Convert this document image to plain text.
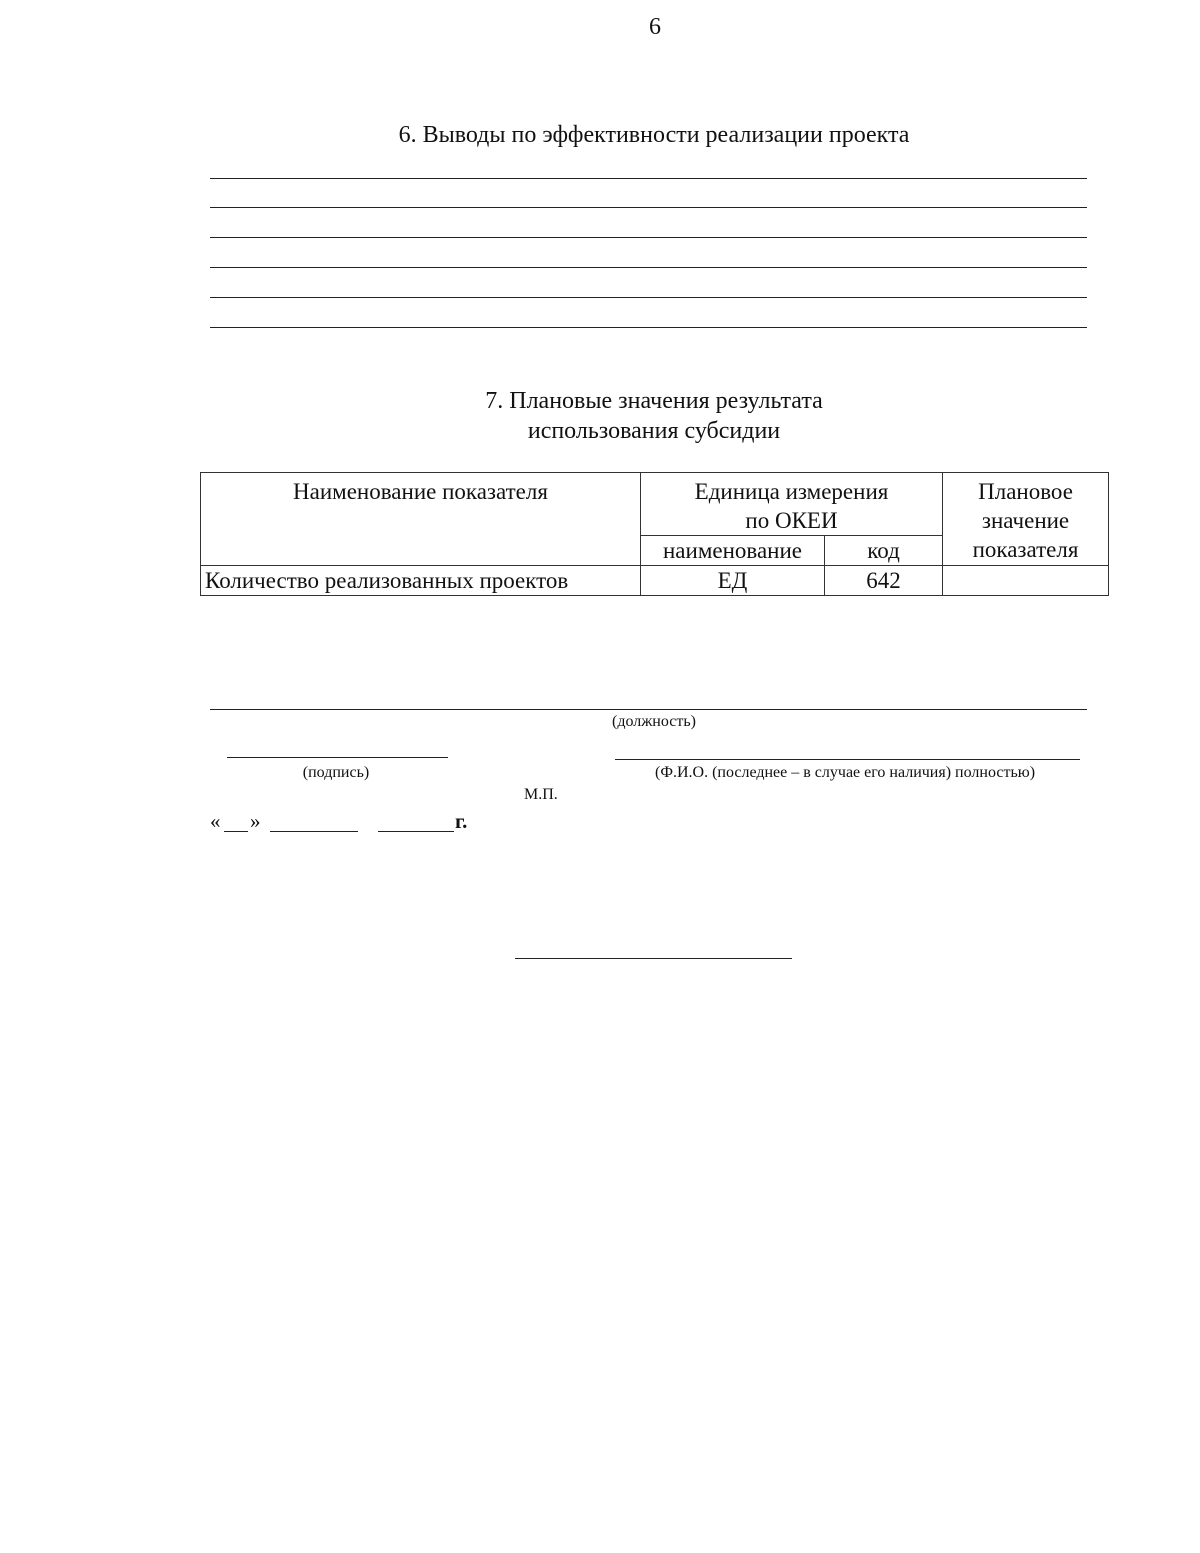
6
6. Выводы по эффективности реализации проекта
7. Плановые значения результата
использования субсидии
Наименование показателя	Единица измерения по ОКЕИ		Плановое значение показателя
	наименование	код	
Количество реализованных проектов	ЕД	642	
(должность)
(подпись)	(Ф.И.О. (последнее – в случае его наличия) полностью)
М.П.
« »	г.
